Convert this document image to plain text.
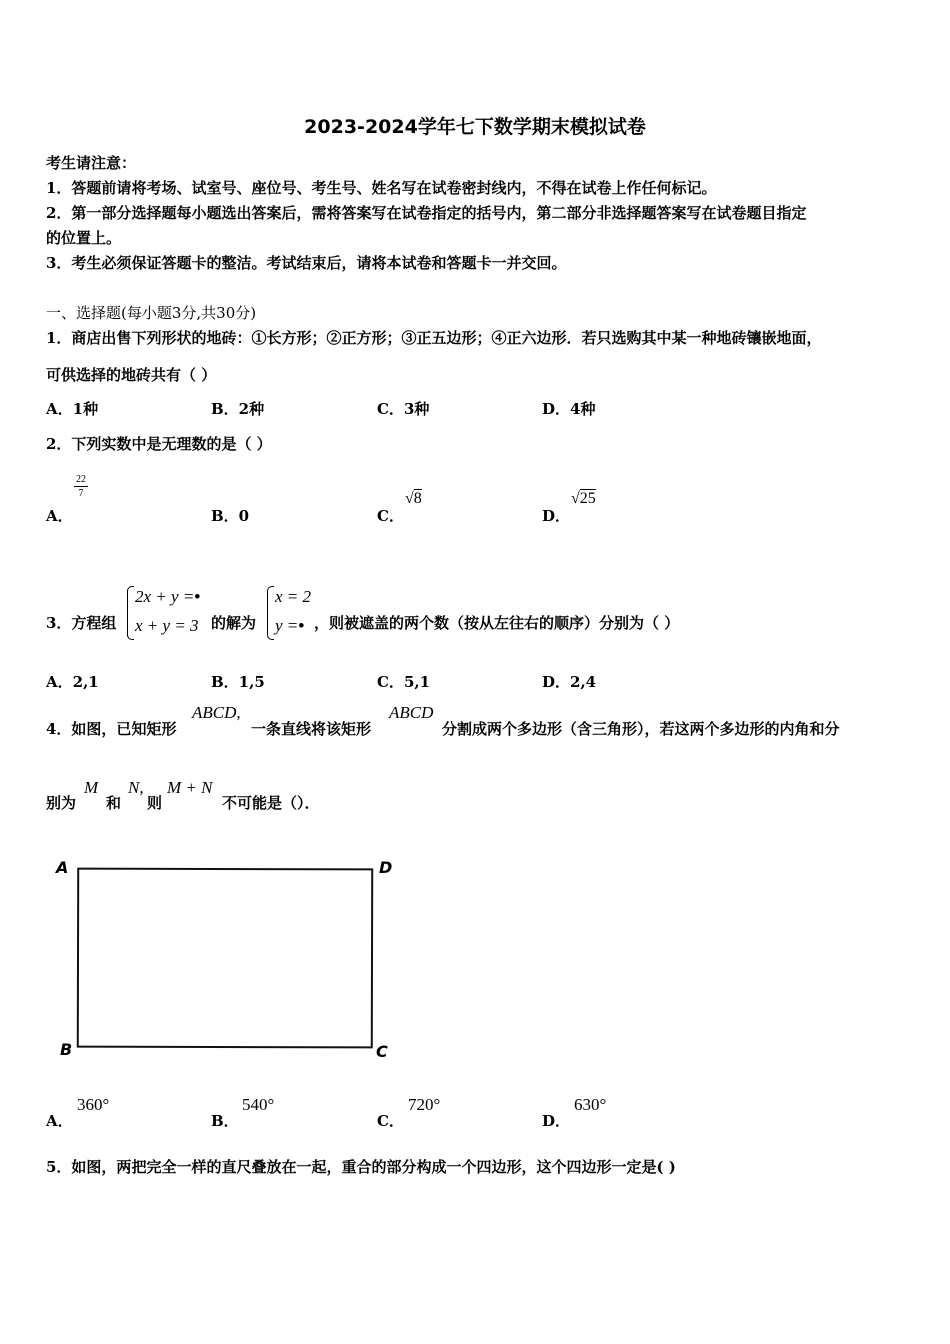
2023-2024学年七下数学期末模拟试卷
考生请注意：
1．答题前请将考场、试室号、座位号、考生号、姓名写在试卷密封线内，不得在试卷上作任何标记。
2．第一部分选择题每小题选出答案后，需将答案写在试卷指定的括号内，第二部分非选择题答案写在试卷题目指定
的位置上。
3．考生必须保证答题卡的整洁。考试结束后，请将本试卷和答题卡一并交回。
一、选择题(每小题3分,共30分)
1．商店出售下列形状的地砖：①长方形；②正方形；③正五边形；④正六边形．若只选购其中某一种地砖镶嵌地面，
可供选择的地砖共有（ ）
A．1种	B．2种	C．3种	D．4种
2．下列实数中是无理数的是（ ）
A．
22
7
B．0	C．
√8
D．
√25
3．方程组
2x + y =•
x + y = 3 的解为
x = 2
y =• ，则被遮盖的两个数（按从左往右的顺序）分别为（ ）
A．2,1	B．1,5	C．5,1	D．2,4
4．如图，已知矩形
ABCD,
一条直线将该矩形
ABCD
分割成两个多边形（含三角形），若这两个多边形的内角和分
别为
M
和
N,
则
M + N
不可能是（）．
A	D
B	C
A．
360°
B．
540°
C．
720°
D．
630°
5．如图，两把完全一样的直尺叠放在一起，重合的部分构成一个四边形，这个四边形一定是( )
